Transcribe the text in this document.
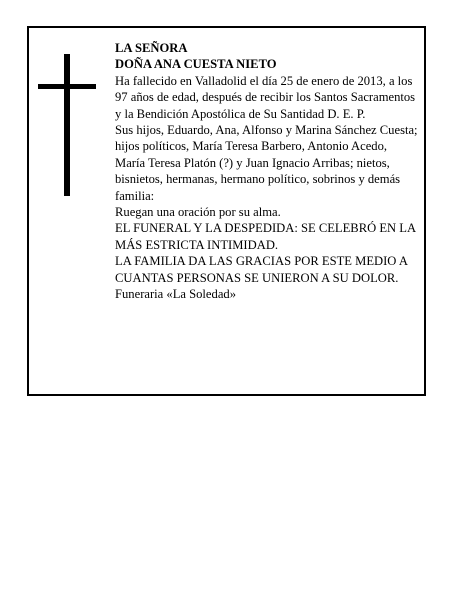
LA SEÑORA

DOÑA ANA CUESTA NIETO

Ha fallecido en Valladolid el día 25 de enero de 2013, a los 97 años de edad, después de recibir los Santos Sacramentos y la Bendición Apostólica de Su Santidad D. E. P.

Sus hijos, Eduardo, Ana, Alfonso y Marina Sánchez Cuesta; hijos políticos, María Teresa Barbero, Antonio Acedo, María Teresa Platón (?) y Juan Ignacio Arribas; nietos, bisnietos, hermanas, hermano político, sobrinos y demás familia:

Ruegan una oración por su alma.

EL FUNERAL Y LA DESPEDIDA: SE CELEBRÓ EN LA MÁS ESTRICTA INTIMIDAD.

LA FAMILIA DA LAS GRACIAS POR ESTE MEDIO A CUANTAS PERSONAS SE UNIERON A SU DOLOR.

Funeraria «La Soledad»
